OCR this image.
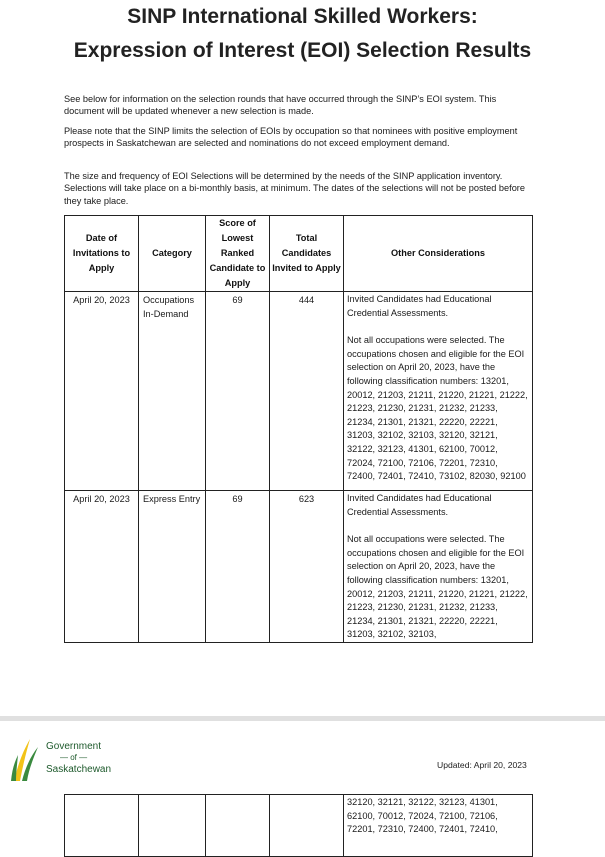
SINP International Skilled Workers:
Expression of Interest (EOI) Selection Results
See below for information on the selection rounds that have occurred through the SINP’s EOI system. This document will be updated whenever a new selection is made.
Please note that the SINP limits the selection of EOIs by occupation so that nominees with positive employment prospects in Saskatchewan are selected and nominations do not exceed employment demand.
The size and frequency of EOI Selections will be determined by the needs of the SINP application inventory. Selections will take place on a bi-monthly basis, at minimum. The dates of the selections will not be posted before they take place.
Date of Invitations to Apply	Category	Score of Lowest Ranked Candidate to Apply	Total Candidates Invited to Apply	Other Considerations
April 20, 2023	Occupations In-Demand	69	444	Invited Candidates had Educational Credential Assessments.

Not all occupations were selected. The occupations chosen and eligible for the EOI selection on April 20, 2023, have the following classification numbers: 13201, 20012, 21203, 21211, 21220, 21221, 21222, 21223, 21230, 21231, 21232, 21233, 21234, 21301, 21321, 22220, 22221, 31203, 32102, 32103, 32120, 32121, 32122, 32123, 41301, 62100, 70012, 72024, 72100, 72106, 72201, 72310, 72400, 72401, 72410, 73102, 82030, 92100

April 20, 2023	Express Entry	69	623	Invited Candidates had Educational Credential Assessments.

Not all occupations were selected. The occupations chosen and eligible for the EOI selection on April 20, 2023, have the following classification numbers: 13201, 20012, 21203, 21211, 21220, 21221, 21222, 21223, 21230, 21231, 21232, 21233, 21234, 21301, 21321, 22220, 22221, 31203, 32102, 32103,

Government
— of —
Saskatchewan	Updated: April 20, 2023
				32120, 32121, 32122, 32123, 41301, 62100, 70012, 72024, 72100, 72106, 72201, 72310, 72400, 72401, 72410,
